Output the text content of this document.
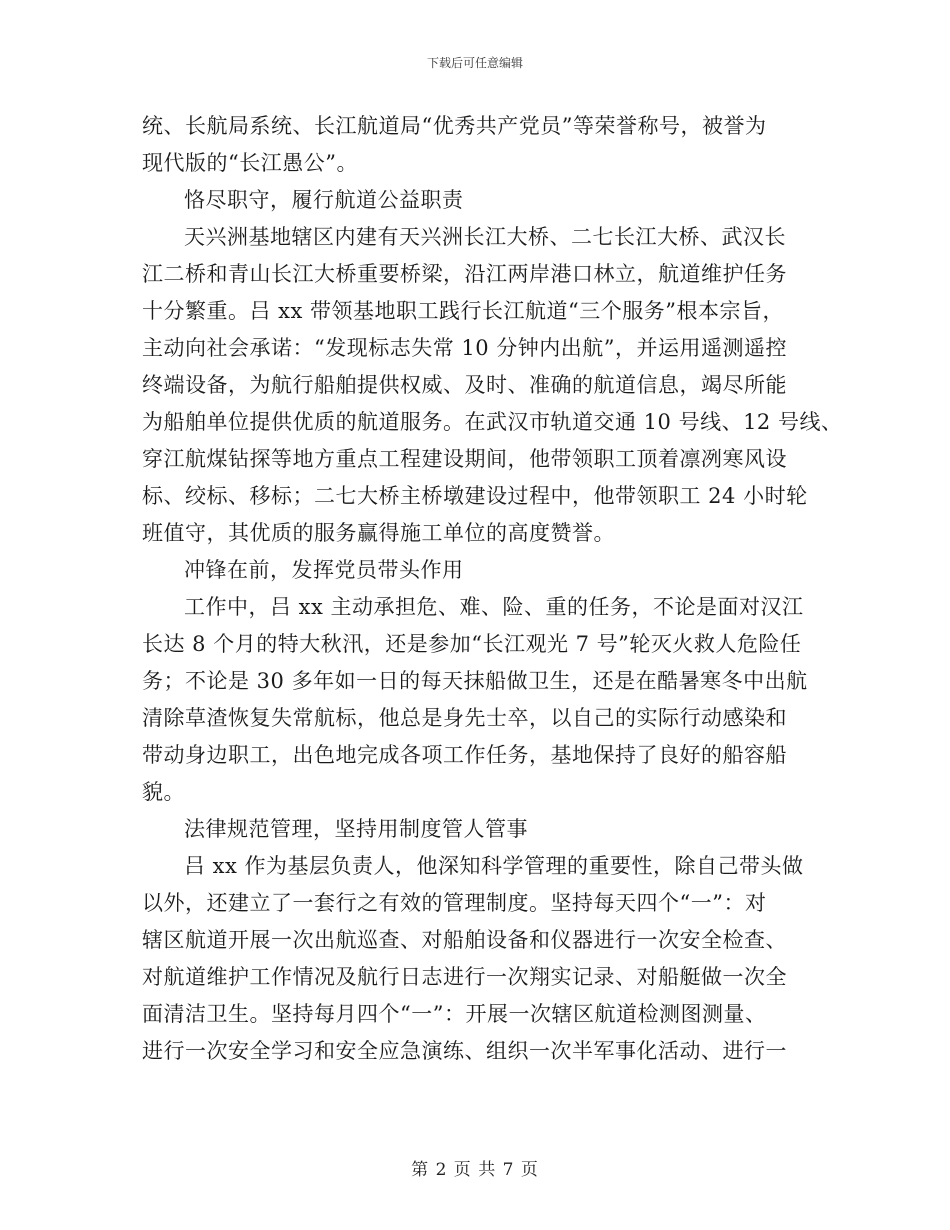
下载后可任意编辑
统、长航局系统、长江航道局“优秀共产党员”等荣誉称号，被誉为
现代版的“长江愚公”。
恪尽职守，履行航道公益职责
天兴洲基地辖区内建有天兴洲长江大桥、二七长江大桥、武汉长
江二桥和青山长江大桥重要桥梁，沿江两岸港口林立，航道维护任务
十分繁重。吕 xx 带领基地职工践行长江航道“三个服务”根本宗旨，
主动向社会承诺：“发现标志失常 10 分钟内出航”，并运用遥测遥控
终端设备，为航行船舶提供权威、及时、准确的航道信息，竭尽所能
为船舶单位提供优质的航道服务。在武汉市轨道交通 10 号线、12 号线、
穿江航煤钻探等地方重点工程建设期间，他带领职工顶着凛冽寒风设
标、绞标、移标；二七大桥主桥墩建设过程中，他带领职工 24 小时轮
班值守，其优质的服务赢得施工单位的高度赞誉。
冲锋在前，发挥党员带头作用
工作中，吕 xx 主动承担危、难、险、重的任务，不论是面对汉江
长达 8 个月的特大秋汛，还是参加“长江观光 7 号”轮灭火救人危险任
务；不论是 30 多年如一日的每天抹船做卫生，还是在酷暑寒冬中出航
清除草渣恢复失常航标，他总是身先士卒，以自己的实际行动感染和
带动身边职工，出色地完成各项工作任务，基地保持了良好的船容船
貌。
法律规范管理，坚持用制度管人管事
吕 xx 作为基层负责人，他深知科学管理的重要性，除自己带头做
以外，还建立了一套行之有效的管理制度。坚持每天四个“一”：对
辖区航道开展一次出航巡查、对船舶设备和仪器进行一次安全检查、
对航道维护工作情况及航行日志进行一次翔实记录、对船艇做一次全
面清洁卫生。坚持每月四个“一”：开展一次辖区航道检测图测量、
进行一次安全学习和安全应急演练、组织一次半军事化活动、进行一
第 2 页 共 7 页
